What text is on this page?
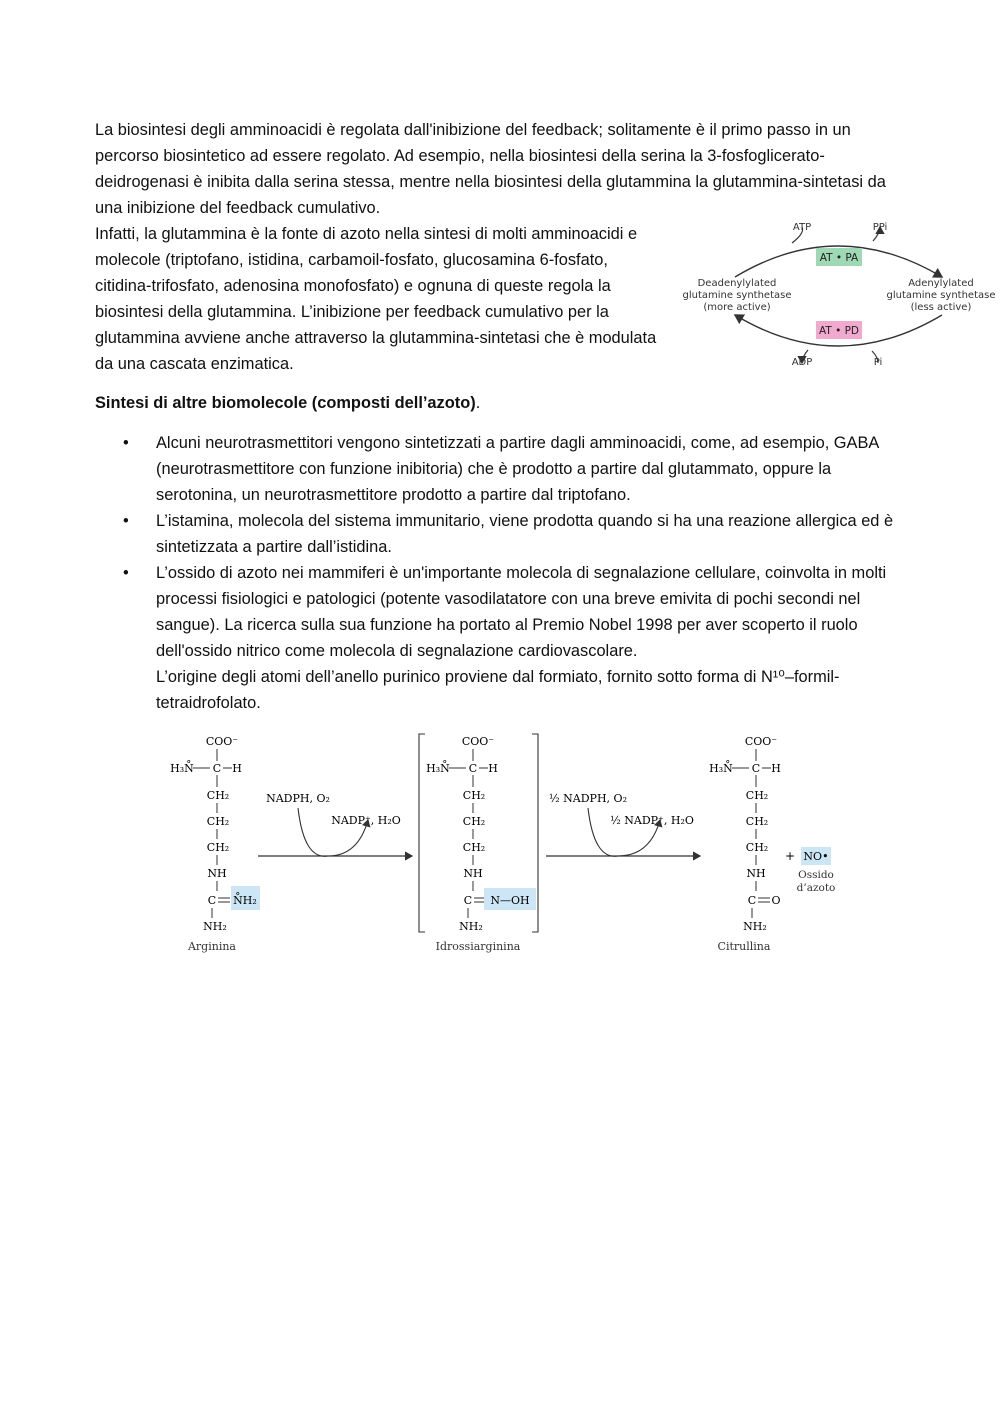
La biosintesi degli amminoacidi è regolata dall'inibizione del feedback; solitamente è il primo passo in un percorso biosintetico ad essere regolato. Ad esempio, nella biosintesi della serina la 3-fosfoglicerato-deidrogenasi è inibita dalla serina stessa, mentre nella biosintesi della glutammina la glutammina-sintetasi da una inibizione del feedback cumulativo.

Infatti, la glutammina è la fonte di azoto nella sintesi di molti amminoacidi e molecole (triptofano, istidina, carbamoil-fosfato, glucosamina 6-fosfato, citidina-trifosfato, adenosina monofosfato) e ognuna di queste regola la biosintesi della glutammina. L’inibizione per feedback cumulativo per la glutammina avviene anche attraverso la glutammina-sintetasi che è modulata da una cascata enzimatica.

ATP	PPi
AT • PA
AT • PD
ADP	Pi
Deadenylylated
glutamine synthetase
(more active)
Adenylylated
glutamine synthetase
(less active)

Sintesi di altre biomolecole (composti dell’azoto).

• Alcuni neurotrasmettitori vengono sintetizzati a partire dagli amminoacidi, come, ad esempio, GABA (neurotrasmettitore con funzione inibitoria) che è prodotto a partire dal glutammato, oppure la serotonina, un neurotrasmettitore prodotto a partire dal triptofano.
• L’istamina, molecola del sistema immunitario, viene prodotta quando si ha una reazione allergica ed è sintetizzata a partire dall’istidina.
• L’ossido di azoto nei mammiferi è un'importante molecola di segnalazione cellulare, coinvolta in molti processi fisiologici e patologici (potente vasodilatatore con una breve emivita di pochi secondi nel sangue). La ricerca sulla sua funzione ha portato al Premio Nobel 1998 per aver scoperto il ruolo dell'ossido nitrico come molecola di segnalazione cardiovascolare.
L’origine degli atomi dell’anello purinico proviene dal formiato, fornito sotto forma di N¹⁰–formil-tetraidrofolato.
COO⁻
H₃N̊ C H
CH₂
CH₂
CH₂
NH
C N̊H₂
NH₂
Arginina
NADPH, O₂
NADP⁺, H₂O
COO⁻
H₃N̊ C H
CH₂
CH₂
CH₂
NH
C N—OH
NH₂
Idrossiarginina
½ NADPH, O₂
½ NADP⁺, H₂O
COO⁻
H₃N̊ C H
CH₂
CH₂
CH₂
NH
C O
NH₂
Citrullina
+ NO•
Ossido
d’azoto
